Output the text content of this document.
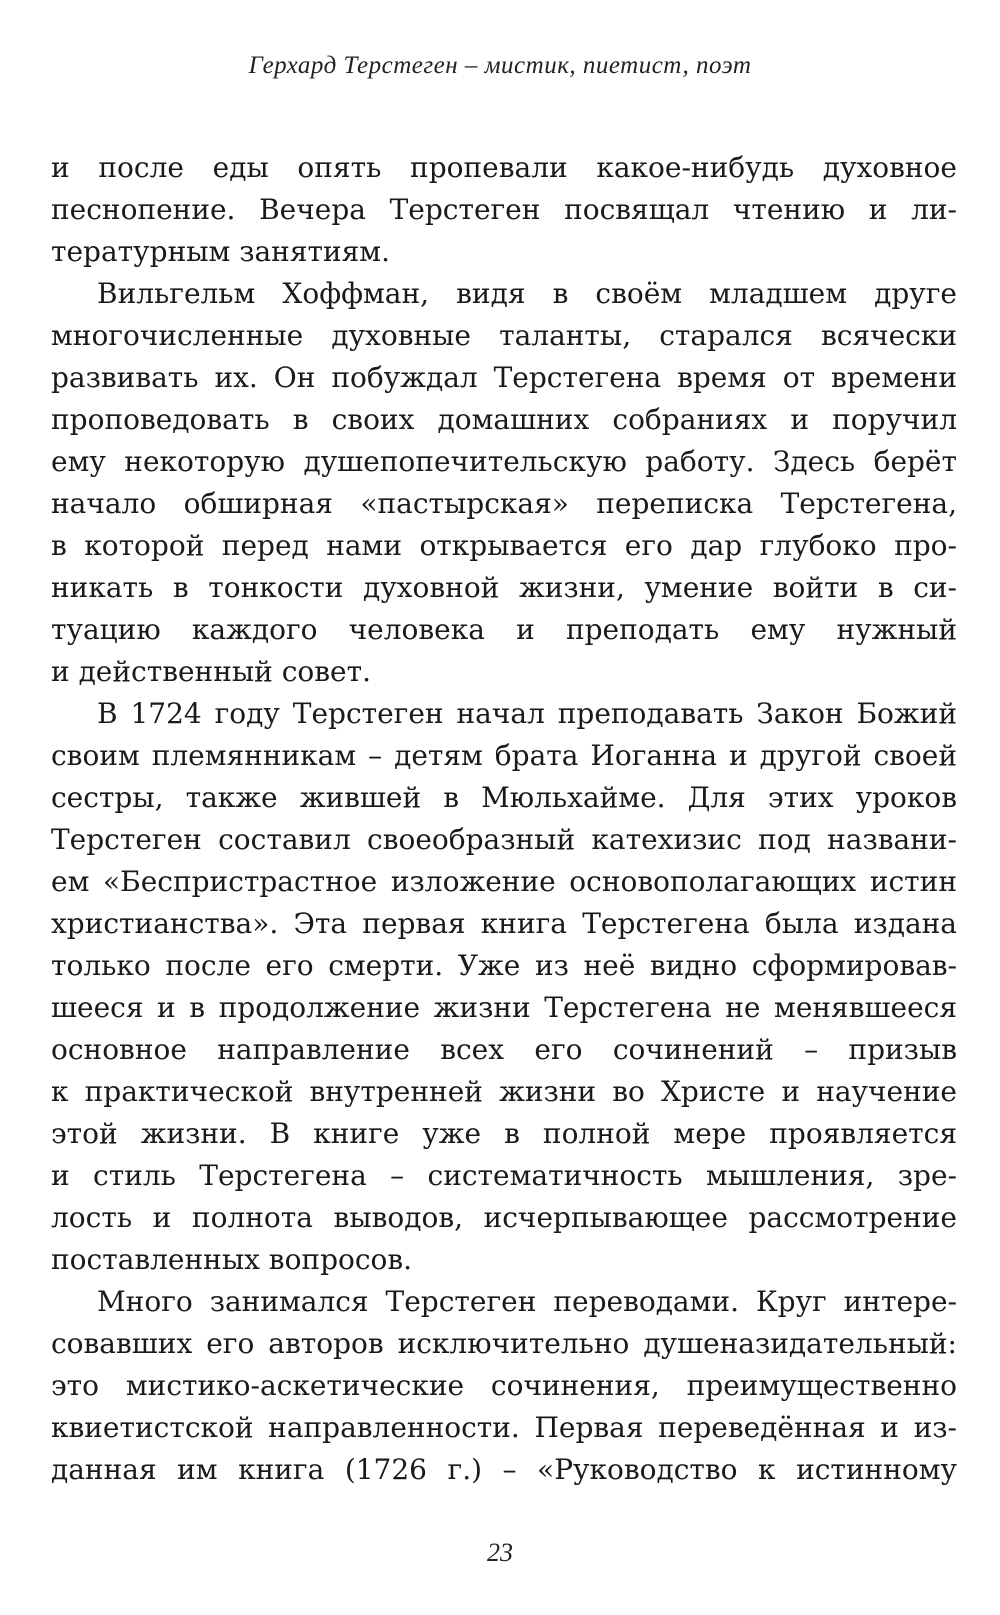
Герхард Терстеген – мистик, пиетист, поэт

и после еды опять пропевали какое-нибудь духовное
песнопение. Вечера Терстеген посвящал чтению и ли-
тературным занятиям.

Вильгельм Хоффман, видя в своём младшем друге
многочисленные духовные таланты, старался всячески
развивать их. Он побуждал Терстегена время от времени
проповедовать в своих домашних собраниях и поручил
ему некоторую душепопечительскую работу. Здесь берёт
начало обширная «пастырская» переписка Терстегена,
в которой перед нами открывается его дар глубоко про-
никать в тонкости духовной жизни, умение войти в си-
туацию каждого человека и преподать ему нужный
и действенный совет.

В 1724 году Терстеген начал преподавать Закон Божий
своим племянникам – детям брата Иоганна и другой своей
сестры, также жившей в Мюльхайме. Для этих уроков
Терстеген составил своеобразный катехизис под названи-
ем «Беспристрастное изложение основополагающих истин
христианства». Эта первая книга Терстегена была издана
только после его смерти. Уже из неё видно сформировав-
шееся и в продолжение жизни Терстегена не менявшееся
основное направление всех его сочинений – призыв
к практической внутренней жизни во Христе и научение
этой жизни. В книге уже в полной мере проявляется
и стиль Терстегена – систематичность мышления, зре-
лость и полнота выводов, исчерпывающее рассмотрение
поставленных вопросов.

Много занимался Терстеген переводами. Круг интере-
совавших его авторов исключительно душеназидательный:
это мистико-аскетические сочинения, преимущественно
квиетистской направленности. Первая переведённая и из-
данная им книга (1726 г.) – «Руководство к истинному

23
